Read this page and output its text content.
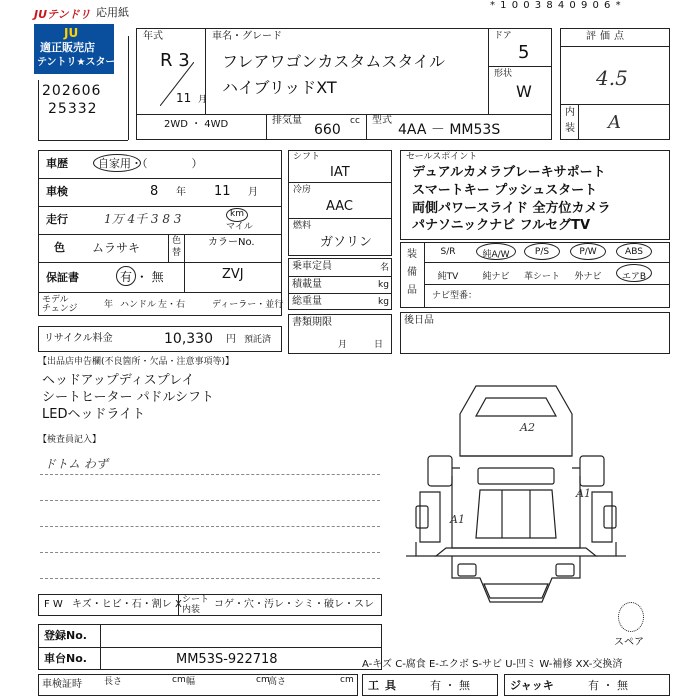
JUテンドリ 応用紙
* 1 0 0 3 8 4 0 9 0 6 *
JU
適正販売店
テントリ★スター
202606
25332
年式
R 3
11 月
車名・グレード
フレアワゴンカスタムスタイル
ハイブリッドXT
ドア
5
形状
W
2WD ・ 4WD	排気量
660
cc 型式
4AA － MM53S
評価点
4.5
内
装 A
車歴	自家用・（　　　　）
車検	8 年 11 月
走行	1万 4千 3 8 3	km
マイル
色 ムラサキ	色
替
カラーNo.
ZVJ
保証書	有 ・ 無
モデル
チェンジ	年 ハンドル 左・右	ディーラー・並行
シフト
IAT
冷房
AAC
燃料
ガソリン
乗車定員	名
積載量	kg
総重量	kg
書類期限
月	日
セールスポイント
デュアルカメラブレーキサポート
スマートキー プッシュスタート
両側パワースライド 全方位カメラ
パナソニックナビ フルセグTV
装
備
品
S/R	純A/W	P/S	P/W	ABS
純TV	純ナビ	革シート	外ナビ	エアB
ナビ型番：
リサイクル料金	10,330 円 預託済
後日品
【出品店申告欄(不良箇所・欠品・注意事項等)】
ヘッドアップディスプレイ
シートヒーター パドルシフト
LEDヘッドライト
【検査員記入】
ドトム わず
A2
A1
A1
スペア
F W キズ・ヒビ・石・割レ X シート
内装 コゲ・穴・汚レ・シミ・破レ・スレ
登録No.
車台No.	MM53S-922718
車検証時 長さ	cm 幅	cm
高さ	cm
A-キズ C-腐食 E-エクボ S-サビ U-凹ミ W-補修 XX-交換済
工具	有 ・ 無	ジャッキ	有 ・ 無
